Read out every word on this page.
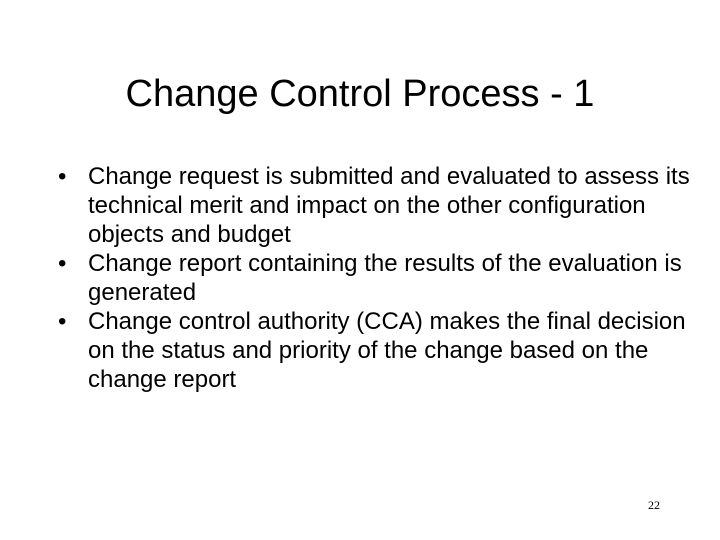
Change Control Process - 1
• Change request is submitted and evaluated to assess its technical merit and impact on the other configuration objects and budget
• Change report containing the results of the evaluation is generated
• Change control authority (CCA) makes the final decision on the status and priority of the change based on the change report
22
